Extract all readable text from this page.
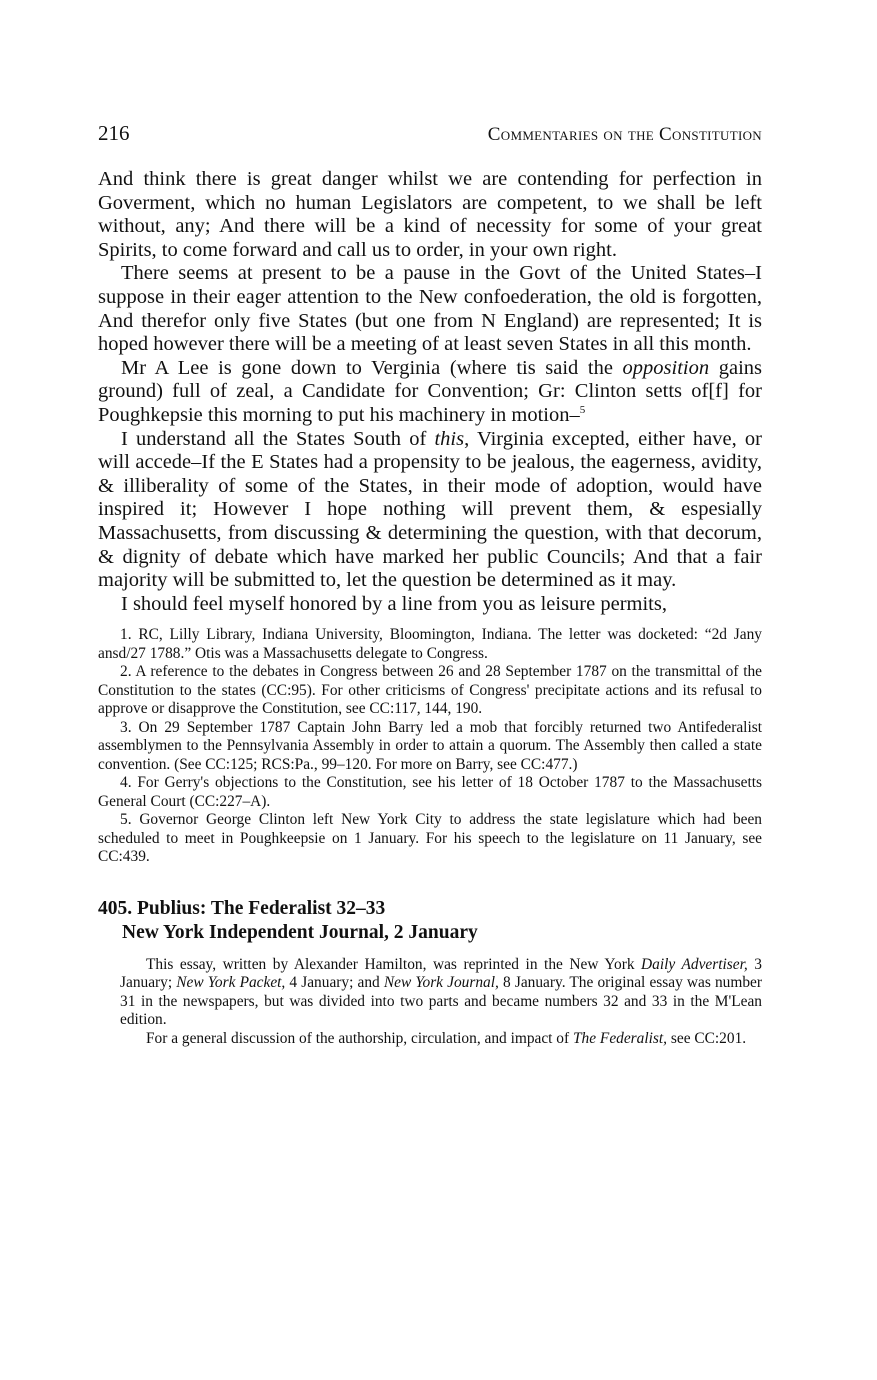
216	Commentaries on the Constitution

And think there is great danger whilst we are contending for perfection in Goverment, which no human Legislators are competent, to we shall be left without, any; And there will be a kind of necessity for some of your great Spirits, to come forward and call us to order, in your own right.

There seems at present to be a pause in the Govt of the United States–I suppose in their eager attention to the New confoederation, the old is forgotten, And therefor only five States (but one from N England) are represented; It is hoped however there will be a meeting of at least seven States in all this month.

Mr A Lee is gone down to Verginia (where tis said the opposition gains ground) full of zeal, a Candidate for Convention; Gr: Clinton setts of[f] for Poughkepsie this morning to put his machinery in motion–$^5$

I understand all the States South of this, Virginia excepted, either have, or will accede–If the E States had a propensity to be jealous, the eagerness, avidity, & illiberality of some of the States, in their mode of adoption, would have inspired it; However I hope nothing will prevent them, & espesially Massachusetts, from discussing & determining the question, with that decorum, & dignity of debate which have marked her public Councils; And that a fair majority will be submitted to, let the question be determined as it may.

I should feel myself honored by a line from you as leisure permits,

1. RC, Lilly Library, Indiana University, Bloomington, Indiana. The letter was docketed: “2d Jany ansd/27 1788.” Otis was a Massachusetts delegate to Congress.

2. A reference to the debates in Congress between 26 and 28 September 1787 on the transmittal of the Constitution to the states (CC:95). For other criticisms of Congress' precipitate actions and its refusal to approve or disapprove the Constitution, see CC:117, 144, 190.

3. On 29 September 1787 Captain John Barry led a mob that forcibly returned two Antifederalist assemblymen to the Pennsylvania Assembly in order to attain a quorum. The Assembly then called a state convention. (See CC:125; RCS:Pa., 99–120. For more on Barry, see CC:477.)

4. For Gerry's objections to the Constitution, see his letter of 18 October 1787 to the Massachusetts General Court (CC:227–A).

5. Governor George Clinton left New York City to address the state legislature which had been scheduled to meet in Poughkeepsie on 1 January. For his speech to the legislature on 11 January, see CC:439.

405. Publius: The Federalist 32–33
New York Independent Journal, 2 January

This essay, written by Alexander Hamilton, was reprinted in the New York Daily Advertiser, 3 January; New York Packet, 4 January; and New York Journal, 8 January. The original essay was number 31 in the newspapers, but was divided into two parts and became numbers 32 and 33 in the M'Lean edition.

For a general discussion of the authorship, circulation, and impact of The Federalist, see CC:201.
